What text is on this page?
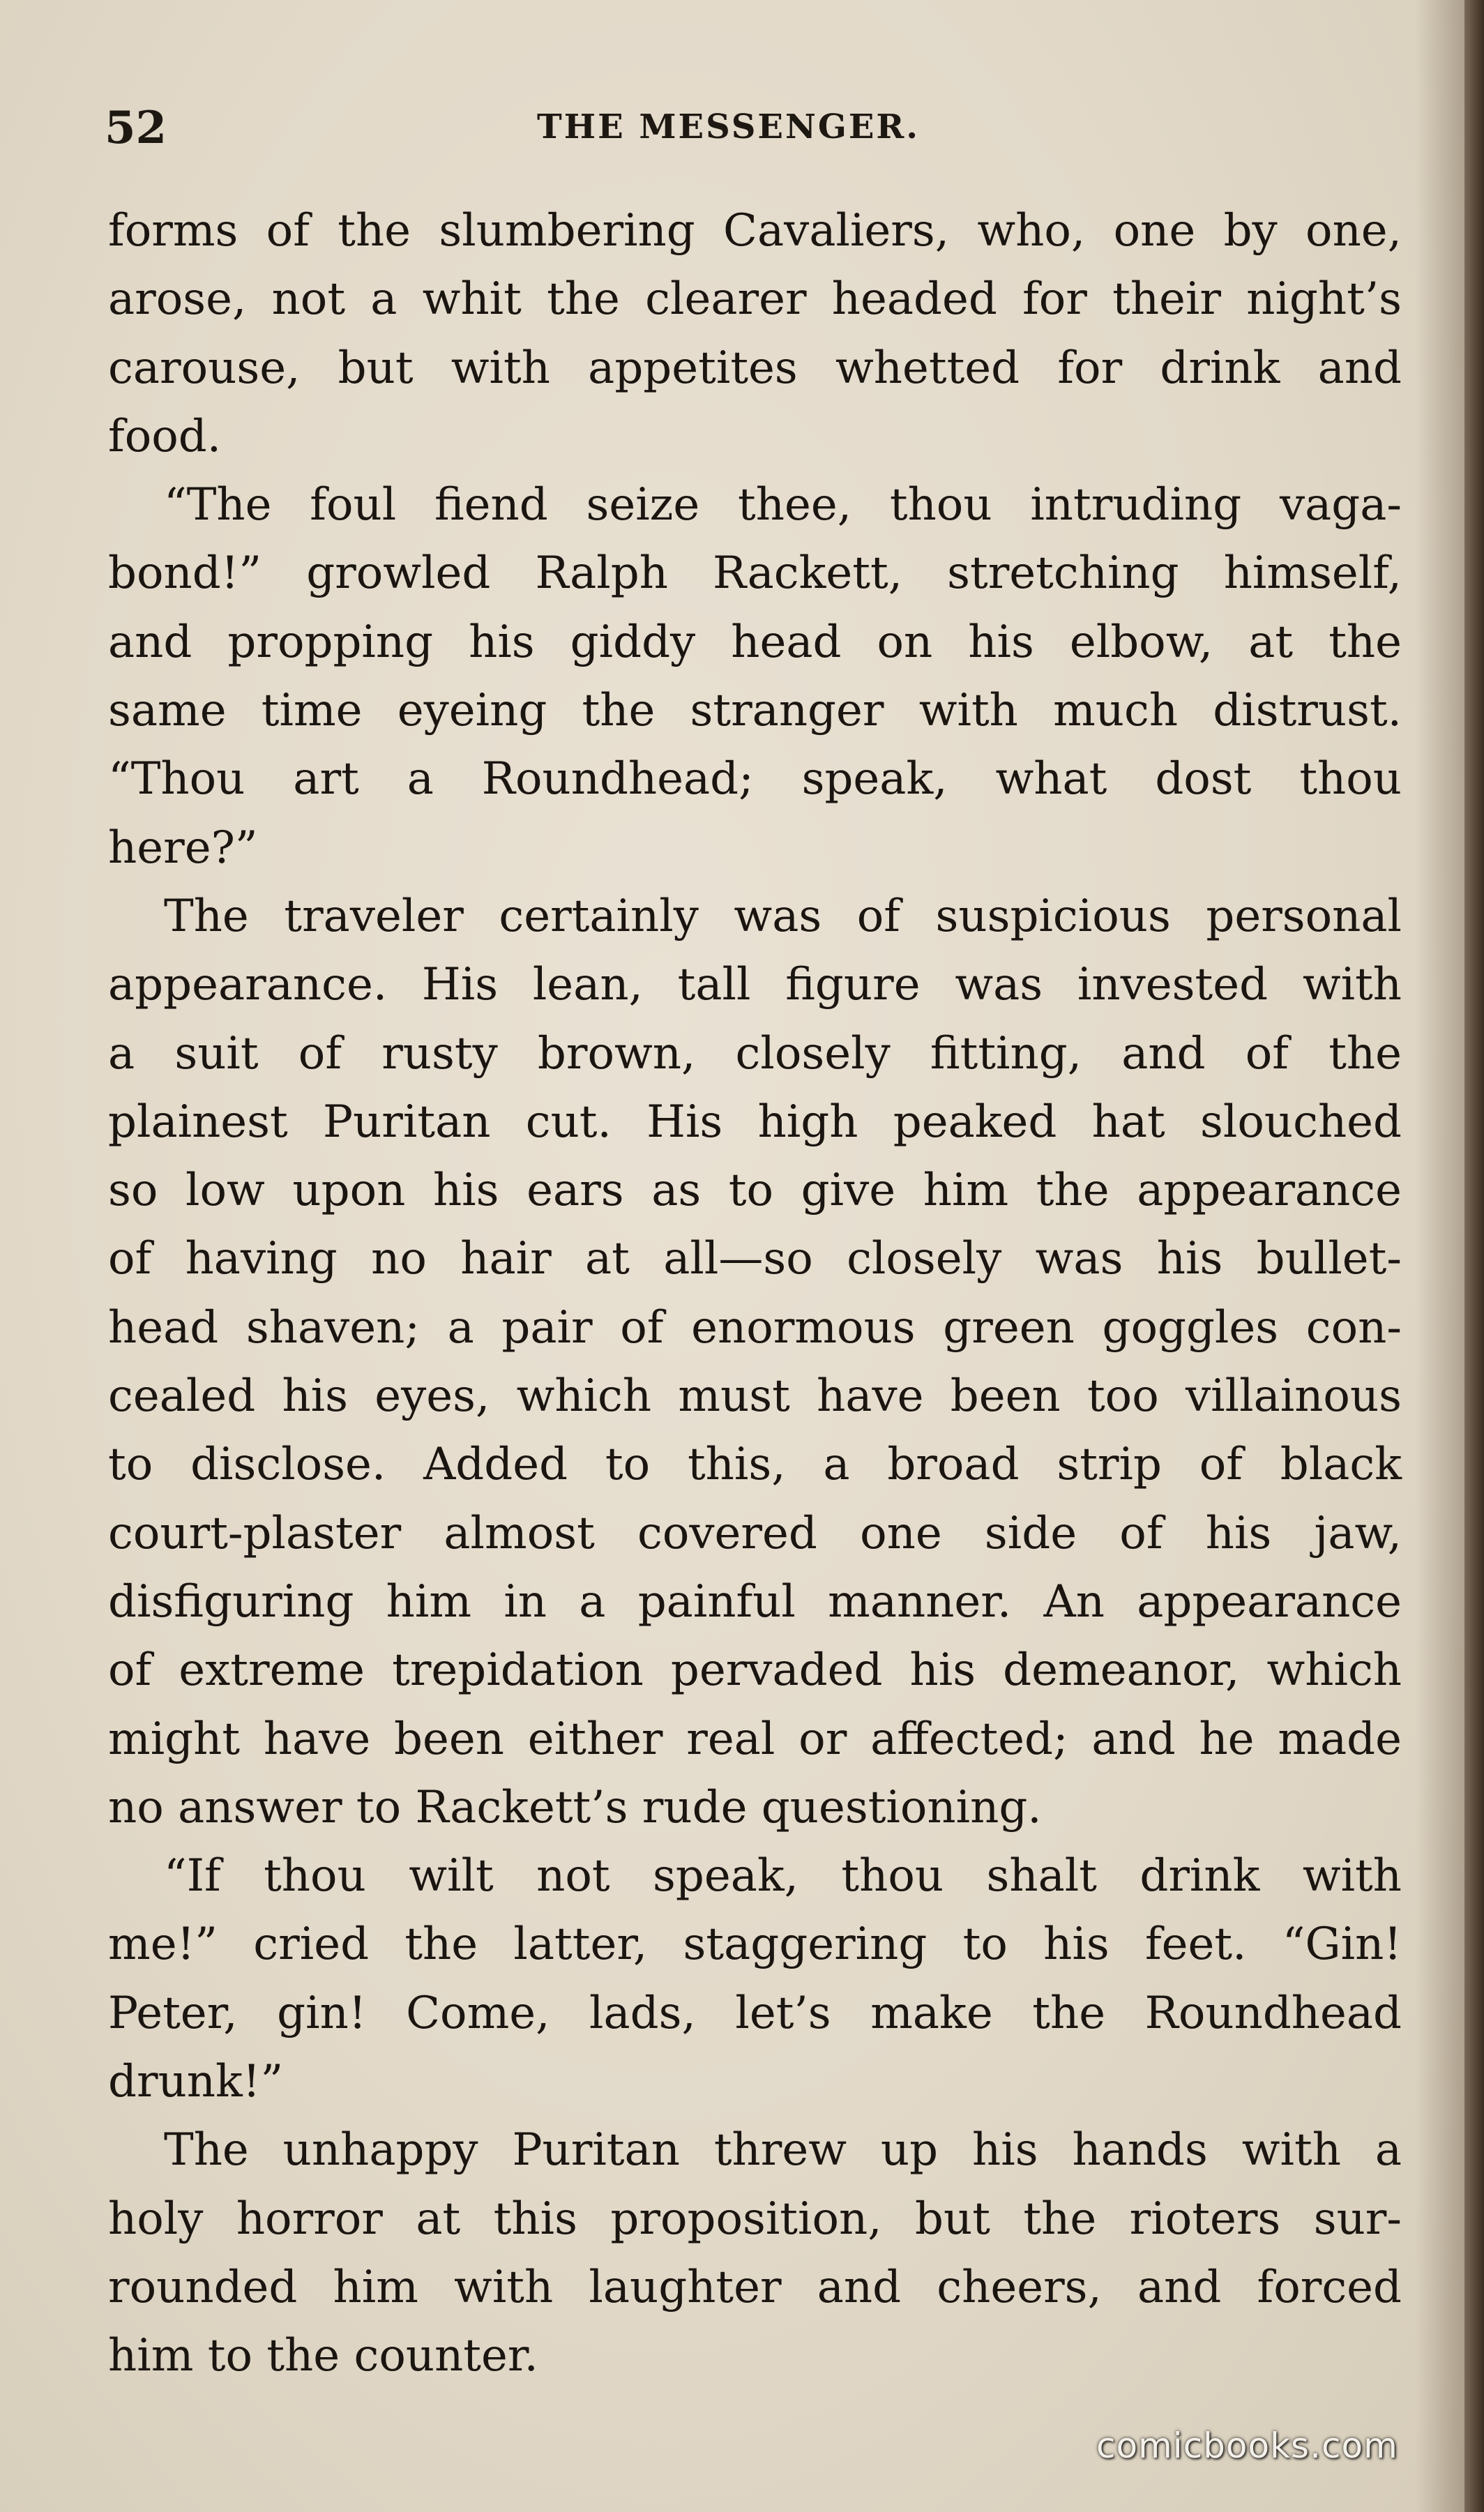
52	THE MESSENGER.
forms of the slumbering Cavaliers, who, one by one,
arose, not a whit the clearer headed for their night’s
carouse, but with appetites whetted for drink and
food.
“The foul fiend seize thee, thou intruding vaga-
bond!” growled Ralph Rackett, stretching himself,
and propping his giddy head on his elbow, at the
same time eyeing the stranger with much distrust.
“Thou art a Roundhead; speak, what dost thou
here?”
The traveler certainly was of suspicious personal
appearance. His lean, tall figure was invested with
a suit of rusty brown, closely fitting, and of the
plainest Puritan cut. His high peaked hat slouched
so low upon his ears as to give him the appearance
of having no hair at all—so closely was his bullet-
head shaven; a pair of enormous green goggles con-
cealed his eyes, which must have been too villainous
to disclose. Added to this, a broad strip of black
court-plaster almost covered one side of his jaw,
disfiguring him in a painful manner. An appearance
of extreme trepidation pervaded his demeanor, which
might have been either real or affected; and he made
no answer to Rackett’s rude questioning.
“If thou wilt not speak, thou shalt drink with
me!” cried the latter, staggering to his feet. “Gin!
Peter, gin! Come, lads, let’s make the Roundhead
drunk!”
The unhappy Puritan threw up his hands with a
holy horror at this proposition, but the rioters sur-
rounded him with laughter and cheers, and forced
him to the counter.
comicbooks.com
